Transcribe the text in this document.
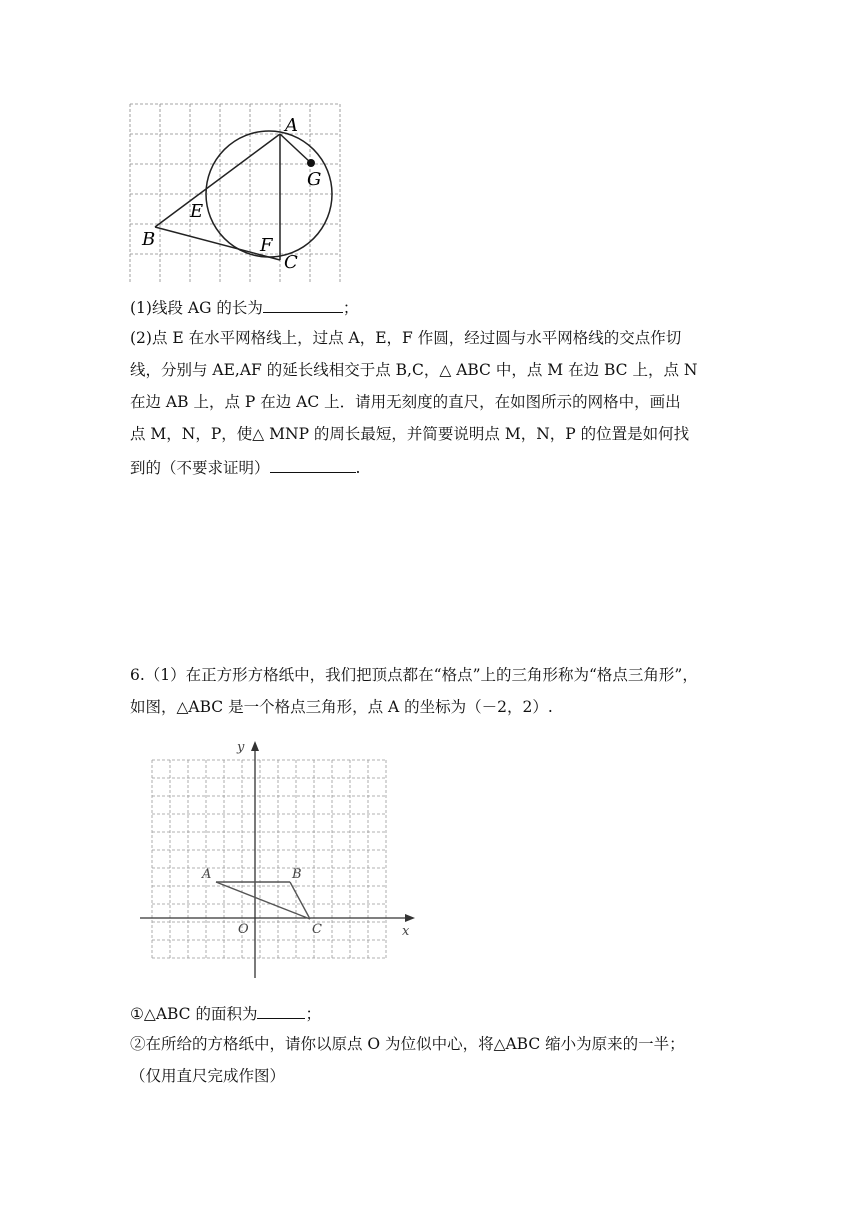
A
G
E
B	F
C
(1)线段 AG 的长为	；
(2)点 E 在水平网格线上，过点 A，E，F 作圆，经过圆与水平网格线的交点作切
线，分别与 AE,AF 的延长线相交于点 B,C，△ ABC 中，点 M 在边 BC 上，点 N
在边 AB 上，点 P 在边 AC 上．请用无刻度的直尺，在如图所示的网格中，画出
点 M，N，P，使△ MNP 的周长最短，并简要说明点 M，N，P 的位置是如何找
到的（不要求证明）	.
6.（1）在正方形方格纸中，我们把顶点都在“格点”上的三角形称为“格点三角形”，
如图，△ABC 是一个格点三角形，点 A 的坐标为（－2，2）.
y
x
A	B
O	C
①△ABC 的面积为	；
②在所给的方格纸中，请你以原点 O 为位似中心，将△ABC 缩小为原来的一半；
（仅用直尺完成作图）
